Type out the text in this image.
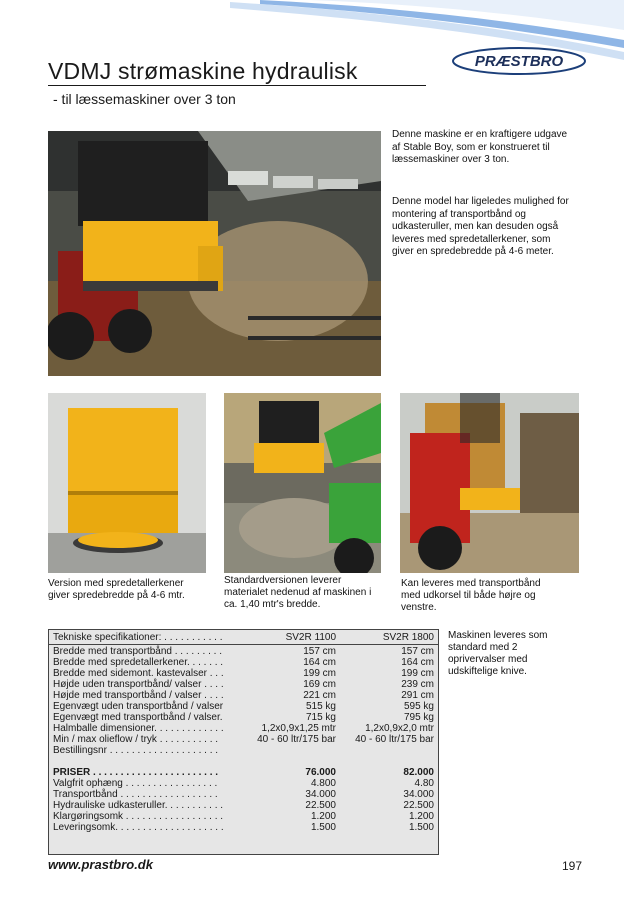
PRÆSTBRO
VDMJ strømaskine hydraulisk
- til læssemaskiner over 3 ton
Denne maskine er en kraftigere udgave af Stable Boy, som er konstrueret til læssemaskiner over 3 ton.
Denne model har ligeledes mulighed for montering af transportbånd og udkasteruller, men kan desuden også leveres med spredetallerkener, som giver en spredebredde på 4-6 meter.
Version med spredetallerkener giver spredebredde på 4-6 mtr.
Standardversionen leverer materialet nedenud af maskinen i ca. 1,40 mtr's bredde.
Kan leveres med transportbånd med udkorsel til både højre og venstre.
Maskinen leveres som standard med 2 oprivervalser med udskiftelige knive.
Tekniske specifikationer: . . . . . . . . . . .	SV2R 1100	SV2R 1800
Bredde med transportbånd . . . . . . . . .	157 cm	157 cm
Bredde med spredetallerkener. . . . . . .	164 cm	164 cm
Bredde med sidemont. kastevalser . . .	199 cm	199 cm
Højde uden transportbånd/ valser . . . .	169 cm	239 cm
Højde med transportbånd / valser . . . .	221 cm	291 cm
Egenvægt uden transportbånd / valser	515 kg	595 kg
Egenvægt med transportbånd / valser.	715 kg	795 kg
Halmballe dimensioner. . . . . . . . . . . . .	1,2x0,9x1,25 mtr	1,2x0,9x2,0 mtr
Min / max olieflow / tryk . . . . . . . . . . .	40 - 60 ltr/175 bar 40 - 60 ltr/175 bar
Bestillingsnr . . . . . . . . . . . . . . . . . . . .
PRISER . . . . . . . . . . . . . . . . . . . . . . .	76.000	82.000
Valgfrit ophæng . . . . . . . . . . . . . . . . .	4.800	4.80
Transportbånd . . . . . . . . . . . . . . . . . .	34.000	34.000
Hydrauliske udkasteruller. . . . . . . . . . .	22.500	22.500
Klargøringsomk . . . . . . . . . . . . . . . . . .	1.200	1.200
Leveringsomk. . . . . . . . . . . . . . . . . . . .	1.500	1.500
www.prastbro.dk	197
